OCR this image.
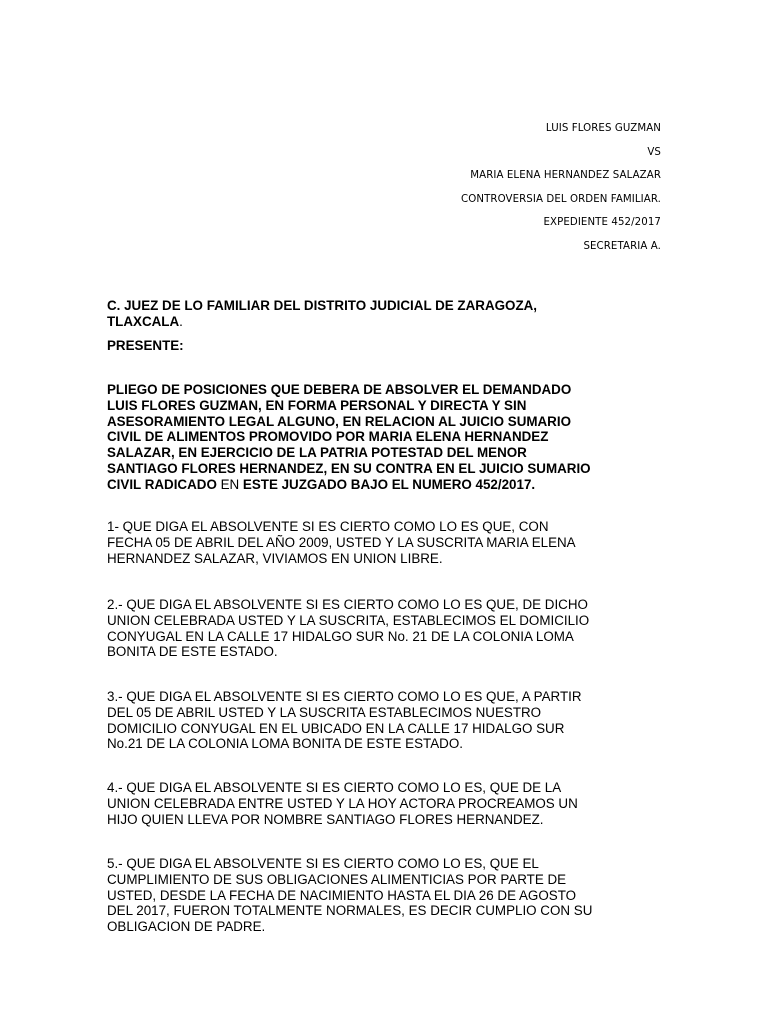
LUIS FLORES GUZMAN
VS
MARIA ELENA HERNANDEZ SALAZAR
CONTROVERSIA DEL ORDEN FAMILIAR.
EXPEDIENTE 452/2017
SECRETARIA A.
C. JUEZ DE LO FAMILIAR DEL DISTRITO JUDICIAL DE ZARAGOZA,
TLAXCALA.
PRESENTE:
PLIEGO DE POSICIONES QUE DEBERA DE ABSOLVER EL DEMANDADO
LUIS FLORES GUZMAN, EN FORMA PERSONAL Y DIRECTA Y SIN
ASESORAMIENTO LEGAL ALGUNO, EN RELACION AL JUICIO SUMARIO
CIVIL DE ALIMENTOS PROMOVIDO POR MARIA ELENA HERNANDEZ
SALAZAR, EN EJERCICIO DE LA PATRIA POTESTAD DEL MENOR
SANTIAGO FLORES HERNANDEZ, EN SU CONTRA EN EL JUICIO SUMARIO
CIVIL RADICADO EN ESTE JUZGADO BAJO EL NUMERO 452/2017.
1- QUE DIGA EL ABSOLVENTE SI ES CIERTO COMO LO ES QUE, CON
FECHA 05 DE ABRIL DEL AÑO 2009, USTED Y LA SUSCRITA MARIA ELENA
HERNANDEZ SALAZAR, VIVIAMOS EN UNION LIBRE.
2.- QUE DIGA EL ABSOLVENTE SI ES CIERTO COMO LO ES QUE, DE DICHO
UNION CELEBRADA USTED Y LA SUSCRITA, ESTABLECIMOS EL DOMICILIO
CONYUGAL EN LA CALLE 17 HIDALGO SUR No. 21 DE LA COLONIA LOMA
BONITA DE ESTE ESTADO.
3.- QUE DIGA EL ABSOLVENTE SI ES CIERTO COMO LO ES QUE, A PARTIR
DEL 05 DE ABRIL USTED Y LA SUSCRITA ESTABLECIMOS NUESTRO
DOMICILIO CONYUGAL EN EL UBICADO EN LA CALLE 17 HIDALGO SUR
No.21 DE LA COLONIA LOMA BONITA DE ESTE ESTADO.
4.- QUE DIGA EL ABSOLVENTE SI ES CIERTO COMO LO ES, QUE DE LA
UNION CELEBRADA ENTRE USTED Y LA HOY ACTORA PROCREAMOS UN
HIJO QUIEN LLEVA POR NOMBRE SANTIAGO FLORES HERNANDEZ.
5.- QUE DIGA EL ABSOLVENTE SI ES CIERTO COMO LO ES, QUE EL
CUMPLIMIENTO DE SUS OBLIGACIONES ALIMENTICIAS POR PARTE DE
USTED, DESDE LA FECHA DE NACIMIENTO HASTA EL DIA 26 DE AGOSTO
DEL 2017, FUERON TOTALMENTE NORMALES, ES DECIR CUMPLIO CON SU
OBLIGACION DE PADRE.
